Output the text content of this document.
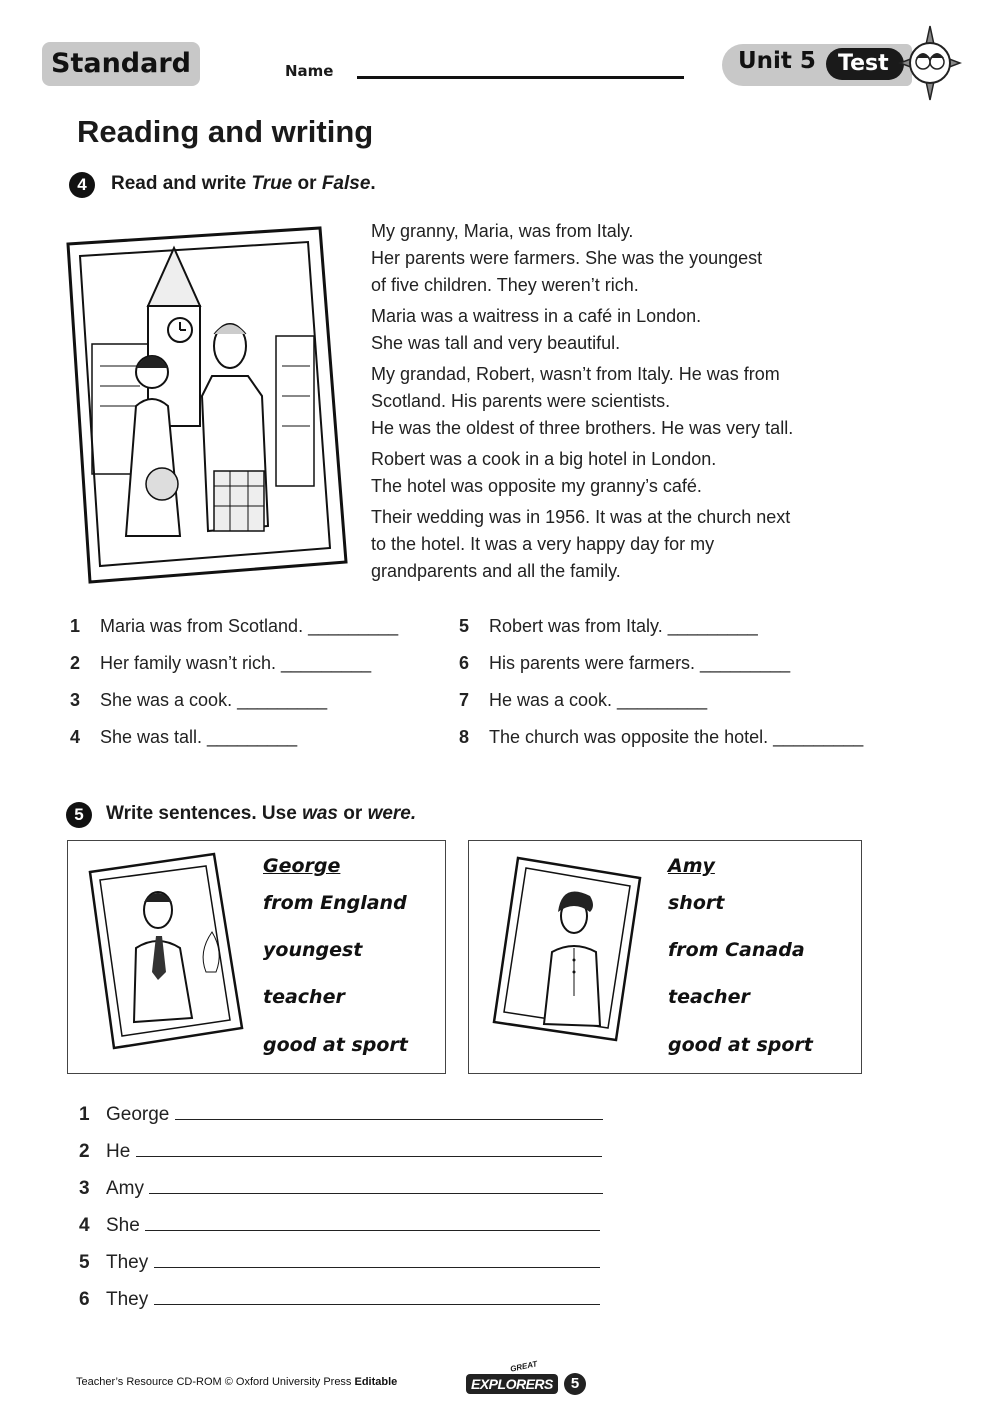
Standard	Name	Unit 5	Test
Reading and writing
4	Read and write True or False.

My granny, Maria, was from Italy.
Her parents were farmers. She was the youngest
of five children. They weren’t rich.

Maria was a waitress in a café in London.
She was tall and very beautiful.

My grandad, Robert, wasn’t from Italy. He was from
Scotland. His parents were scientists.
He was the oldest of three brothers. He was very tall.

Robert was a cook in a big hotel in London.
The hotel was opposite my granny’s café.

Their wedding was in 1956. It was at the church next
to the hotel. It was a very happy day for my
grandparents and all the family.

1 Maria was from Scotland. _________
2 Her family wasn’t rich. _________
3 She was a cook. _________
4 She was tall. _________
5 Robert was from Italy. _________
6 His parents were farmers. _________
7 He was a cook. _________
8 The church was opposite the hotel. _________
5	Write sentences. Use was or were.
George
from England
youngest
teacher
good at sport
Amy
short
from Canada
teacher
good at sport
1 George
2 He
3 Amy
4 She
5 They
6 They
Teacher’s Resource CD-ROM © Oxford University Press Editable
GREAT
EXPLORERS	5
